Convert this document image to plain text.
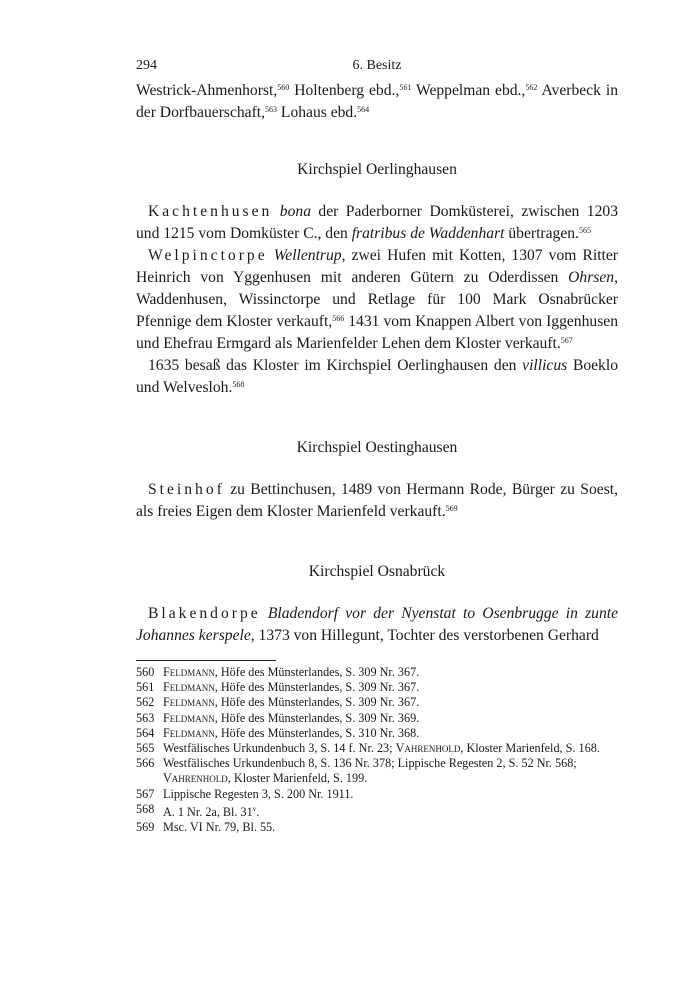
294	6. Besitz

Westrick-Ahmenhorst,$^{560}$ Holtenberg ebd.,$^{561}$ Weppelman ebd.,$^{562}$ Averbeck in der Dorfbauerschaft,$^{563}$ Lohaus ebd.$^{564}$

Kirchspiel Oerlinghausen

Kachtenhusen bona der Paderborner Domküsterei, zwischen 1203 und 1215 vom Domküster C., den fratribus de Waddenhart übertragen.$^{565}$

Welpinctorpe Wellentrup, zwei Hufen mit Kotten, 1307 vom Ritter Heinrich von Yggenhusen mit anderen Gütern zu Oderdissen Ohrsen, Waddenhusen, Wissinctorpe und Retlage für 100 Mark Osnabrücker Pfennige dem Kloster verkauft,$^{566}$ 1431 vom Knappen Albert von Iggenhusen und Ehefrau Ermgard als Marienfelder Lehen dem Kloster verkauft.$^{567}$

1635 besaß das Kloster im Kirchspiel Oerlinghausen den villicus Boeklo und Welvesloh.$^{568}$

Kirchspiel Oestinghausen

Steinhof zu Bettinchusen, 1489 von Hermann Rode, Bürger zu Soest, als freies Eigen dem Kloster Marienfeld verkauft.$^{569}$

Kirchspiel Osnabrück

Blakendorpe Bladendorf vor der Nyenstat to Osenbrugge in zunte Johannes kerspele, 1373 von Hillegunt, Tochter des verstorbenen Gerhard

560 Feldmann, Höfe des Münsterlandes, S. 309 Nr. 367.
561 Feldmann, Höfe des Münsterlandes, S. 309 Nr. 367.
562 Feldmann, Höfe des Münsterlandes, S. 309 Nr. 367.
563 Feldmann, Höfe des Münsterlandes, S. 309 Nr. 369.
564 Feldmann, Höfe des Münsterlandes, S. 310 Nr. 368.
565 Westfälisches Urkundenbuch 3, S. 14 f. Nr. 23; Vahrenhold, Kloster Marienfeld, S. 168.
566 Westfälisches Urkundenbuch 8, S. 136 Nr. 378; Lippische Regesten 2, S. 52 Nr. 568; Vahrenhold, Kloster Marienfeld, S. 199.
567 Lippische Regesten 3, S. 200 Nr. 1911.
568 A. 1 Nr. 2a, Bl. 31$^v$.
569 Msc. VI Nr. 79, Bl. 55.
